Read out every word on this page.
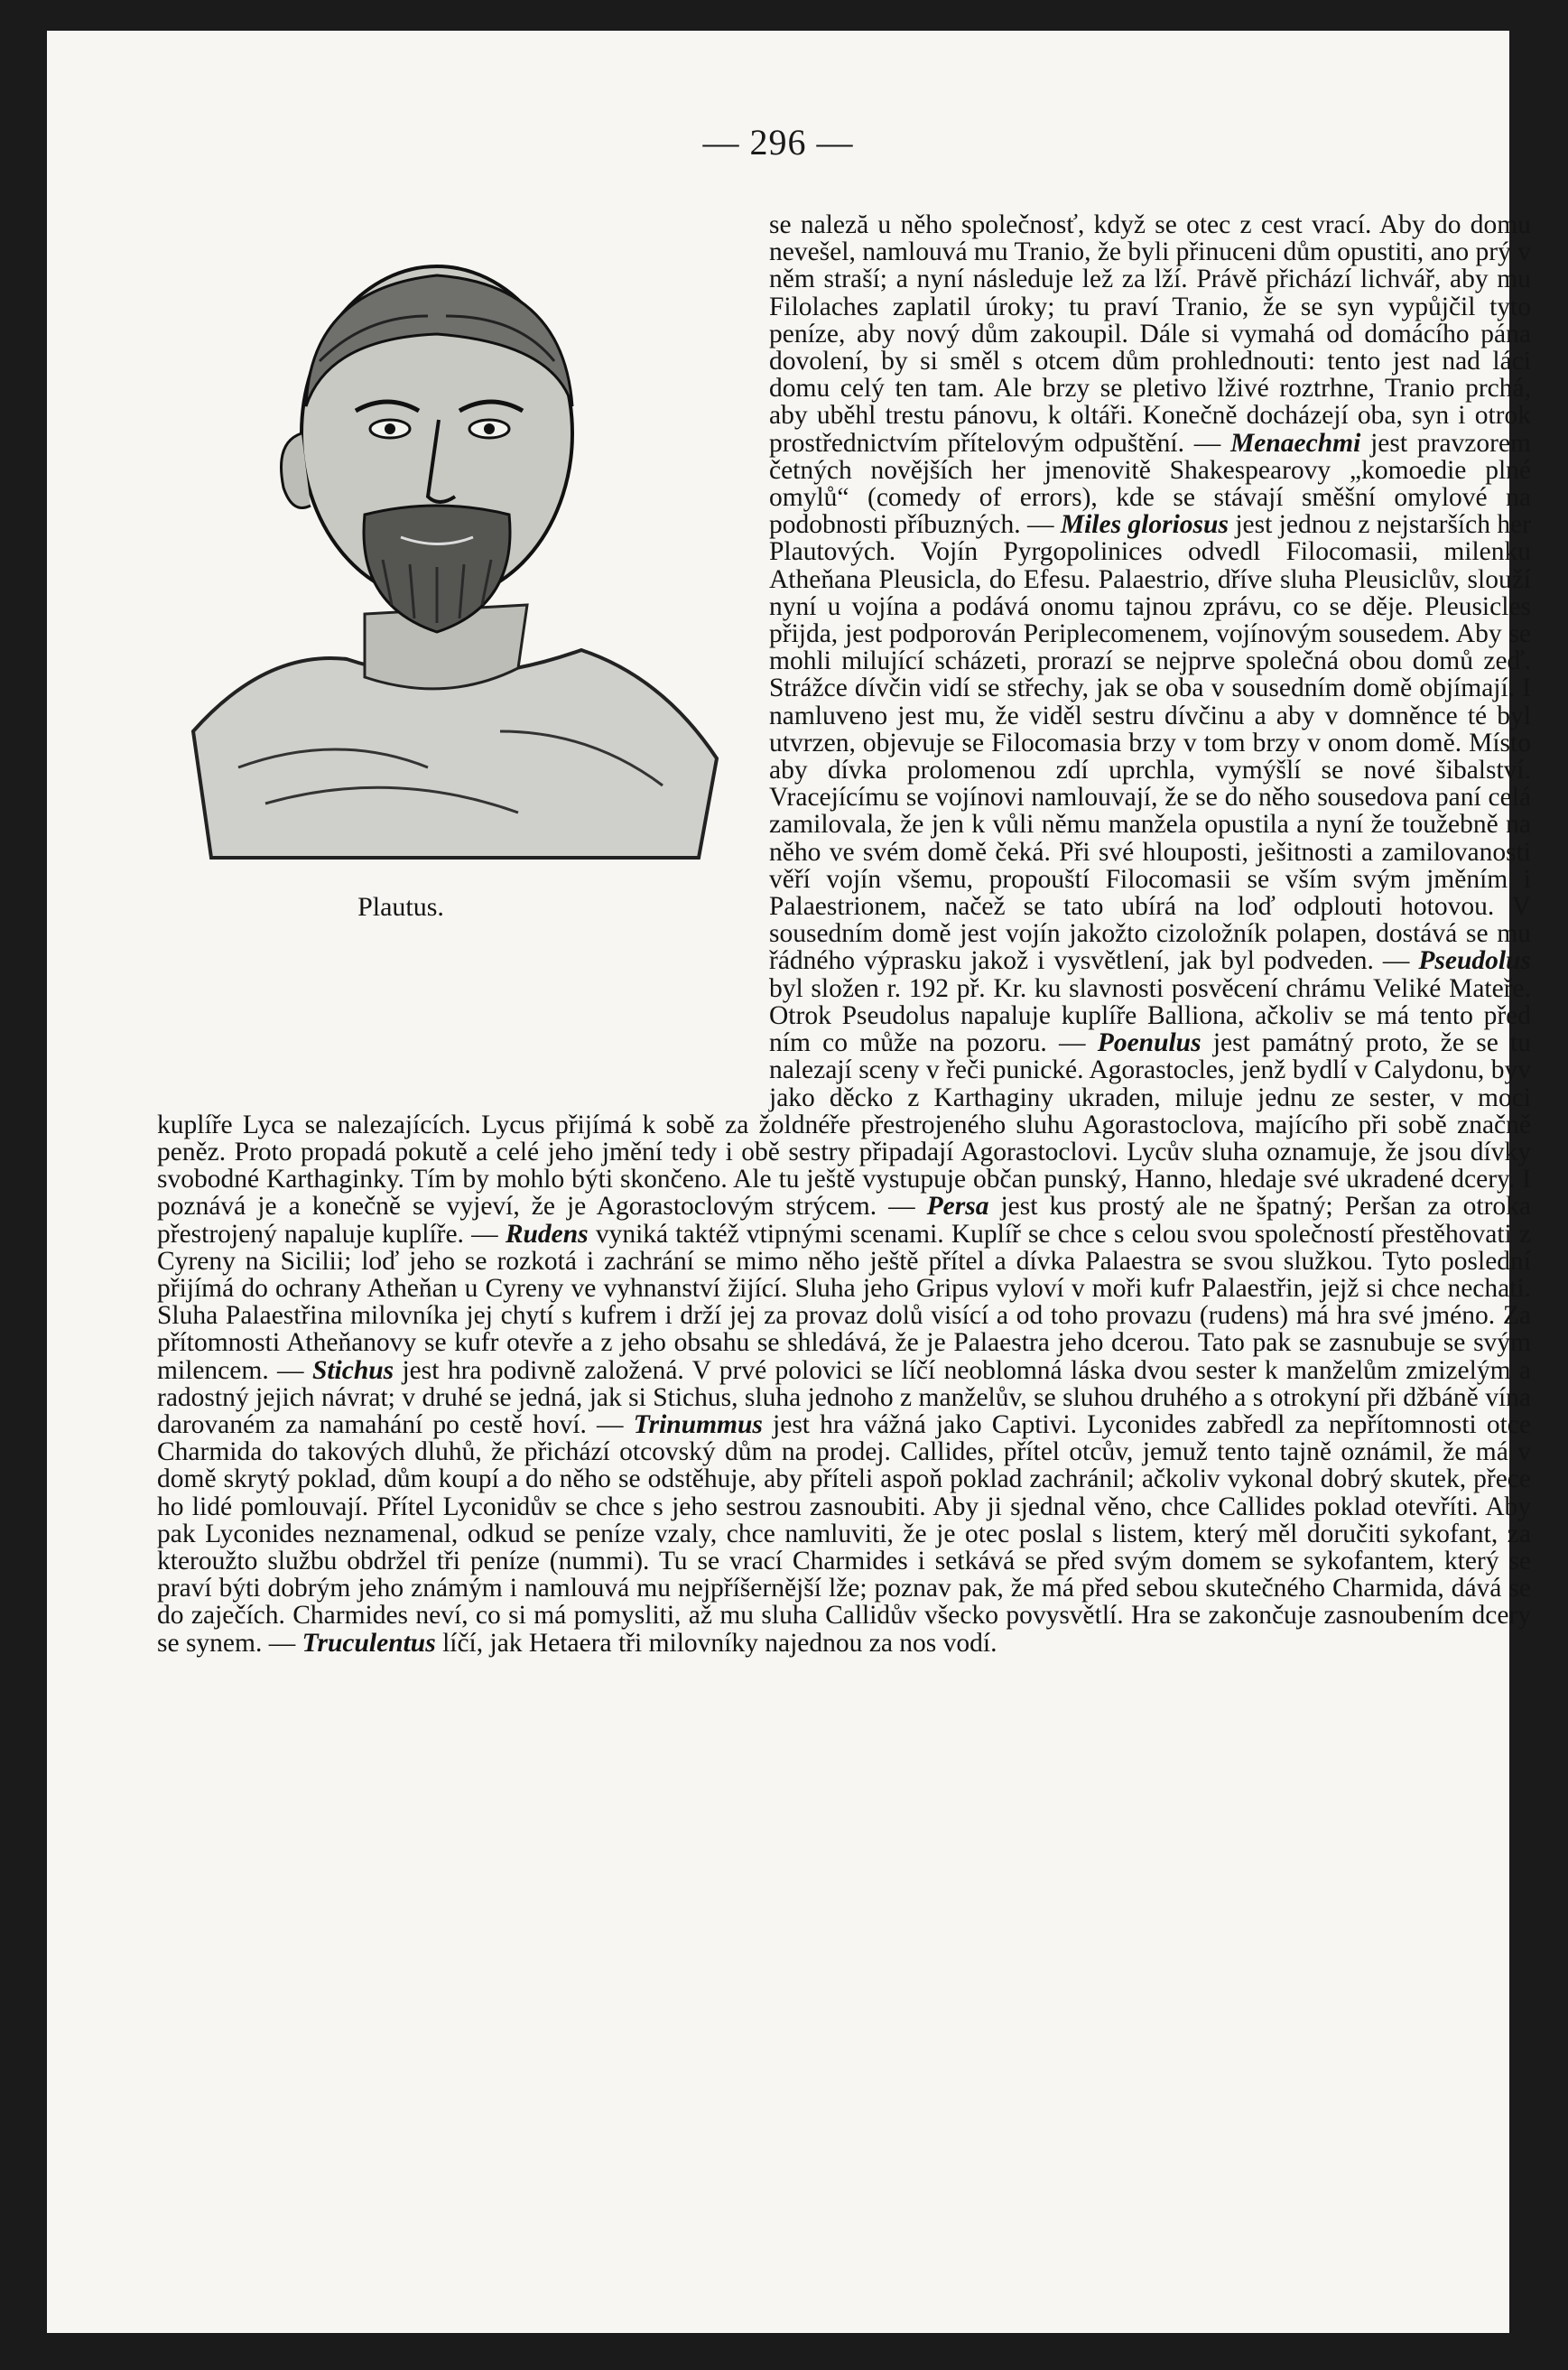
— 296 —
Plautus.

se naleză u něho společnosť, když se otec z cest vrací. Aby do domu nevešel, namlouvá mu Tranio, že byli přinuceni dům opustiti, ano prý v něm straší; a nyní následuje lež za lží. Právě přichází lichvář, aby mu Filolaches zaplatil úroky; tu praví Tranio, že se syn vypůjčil tyto peníze, aby nový dům zakoupil. Dále si vymahá od domácího pána dovolení, by si směl s otcem dům prohlednouti: tento jest nad láci domu celý ten tam. Ale brzy se pletivo lživé roztrhne, Tranio prchá, aby uběhl trestu pánovu, k oltáři. Konečně docházejí oba, syn i otrok prostřednictvím přítelovým odpuštění. — Menaechmi jest pravzorem četných novějších her jmenovitě Shakespearovy „komoedie plné omylů“ (comedy of errors), kde se stávají směšní omylové na podobnosti příbuzných. — Miles gloriosus jest jednou z nejstarších her Plautových. Vojín Pyrgopolinices odvedl Filocomasii, milenku Atheňana Pleusicla, do Efesu. Palaestrio, dříve sluha Pleusiclův, slouží nyní u vojína a podává onomu tajnou zprávu, co se děje. Pleusicles přijda, jest podporován Periplecomenem, vojínovým sousedem. Aby se mohli milující scházeti, prorazí se nejprve společná obou domů zeď. Strážce dívčin vidí se střechy, jak se oba v sousedním domě objímají. I namluveno jest mu, že viděl sestru dívčinu a aby v domněnce té byl utvrzen, objevuje se Filocomasia brzy v tom brzy v onom domě. Místo aby dívka prolomenou zdí uprchla, vymýšlí se nové šibalství. Vracejícímu se vojínovi namlouvají, že se do něho sousedova paní celá zamilovala, že jen k vůli němu manžela opustila a nyní že toužebně na něho ve svém domě čeká. Při své hlouposti, ješitnosti a zamilovanosti věří vojín všemu, propouští Filocomasii se vším svým jměním i Palaestrionem, načež se tato ubírá na loď odplouti hotovou. V sousedním domě jest vojín jakožto cizoložník polapen, dostává se mu řádného výprasku jakož i vysvětlení, jak byl podveden. — Pseudolus byl složen r. 192 př. Kr. ku slavnosti posvěcení chrámu Veliké Mateře. Otrok Pseudolus napaluje kuplíře Balliona, ačkoliv se má tento před ním co může na pozoru. — Poenulus jest památný proto, že se tu nalezají sceny v řeči punické. Agorastocles, jenž bydlí v Calydonu, byv jako děcko z Karthaginy ukraden, miluje jednu ze sester, v moci kuplíře Lyca se nalezajících. Lycus přijímá k sobě za žoldnéře přestrojeného sluhu Agorastoclova, majícího při sobě značně peněz. Proto propadá pokutě a celé jeho jmění tedy i obě sestry připadají Agorastoclovi. Lycův sluha oznamuje, že jsou dívky svobodné Karthaginky. Tím by mohlo býti skončeno. Ale tu ještě vystupuje občan punský, Hanno, hledaje své ukradené dcery. I poznává je a konečně se vyjeví, že je Agorastoclovým strýcem. — Persa jest kus prostý ale ne špatný; Peršan za otroka přestrojený napaluje kuplíře. — Rudens vyniká taktéž vtipnými scenami. Kuplíř se chce s celou svou společností přestěhovati z Cyreny na Sicilii; loď jeho se rozkotá i zachrání se mimo něho ještě přítel a dívka Palaestra se svou služkou. Tyto poslední přijímá do ochrany Atheňan u Cyreny ve vyhnanství žijící. Sluha jeho Gripus vyloví v moři kufr Palaestřin, jejž si chce nechati. Sluha Palaestřina milovníka jej chytí s kufrem i drží jej za provaz dolů visící a od toho provazu (rudens) má hra své jméno. Za přítomnosti Atheňanovy se kufr otevře a z jeho obsahu se shledává, že je Palaestra jeho dcerou. Tato pak se zasnubuje se svým milencem. — Stichus jest hra podivně založená. V prvé polovici se líčí neoblomná láska dvou sester k manželům zmizelým a radostný jejich návrat; v druhé se jedná, jak si Stichus, sluha jednoho z manželův, se sluhou druhého a s otrokyní při džbáně vína darovaném za namahání po cestě hoví. — Trinummus jest hra vážná jako Captivi. Lyconides zabředl za nepřítomnosti otce Charmida do takových dluhů, že přichází otcovský dům na prodej. Callides, přítel otcův, jemuž tento tajně oznámil, že má v domě skrytý poklad, dům koupí a do něho se odstěhuje, aby příteli aspoň poklad zachránil; ačkoliv vykonal dobrý skutek, přece ho lidé pomlouvají. Přítel Lyconidův se chce s jeho sestrou zasnoubiti. Aby ji sjednal věno, chce Callides poklad otevříti. Aby pak Lyconides neznamenal, odkud se peníze vzaly, chce namluviti, že je otec poslal s listem, který měl doručiti sykofant, za kteroužto službu obdržel tři peníze (nummi). Tu se vrací Charmides i setkává se před svým domem se sykofantem, který se praví býti dobrým jeho známým i namlouvá mu nejpříšernější lže; poznav pak, že má před sebou skutečného Charmida, dává se do zaječích. Charmides neví, co si má pomysliti, až mu sluha Callidův všecko povysvětlí. Hra se zakončuje zasnoubením dcery se synem. — Truculentus líčí, jak Hetaera tři milovníky najednou za nos vodí.
